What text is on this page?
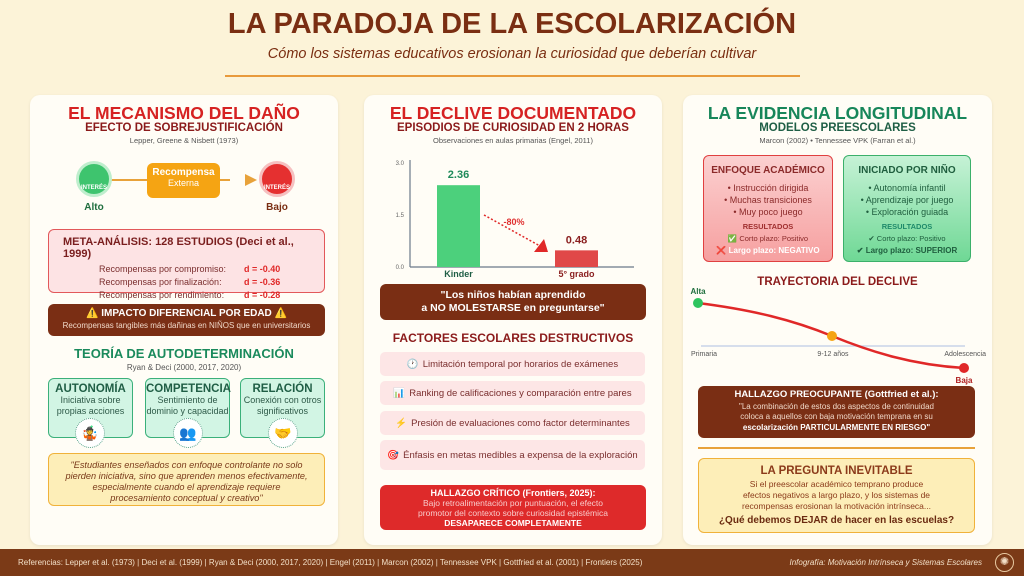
LA PARADOJA DE LA ESCOLARIZACIÓN
Cómo los sistemas educativos erosionan la curiosidad que deberían cultivar
EL MECANISMO DEL DAÑO
EFECTO DE SOBREJUSTIFICACIÓN
Lepper, Greene & Nisbett (1973)
INTERÉS
Alto
Recompensa
Externa	INTERÉS
Bajo
META-ANÁLISIS: 128 ESTUDIOS (Deci et al., 1999)
Recompensas por compromiso:	d = -0.40
Recompensas por finalización:	d = -0.36
Recompensas por rendimiento:	d = -0.28
⚠️ IMPACTO DIFERENCIAL POR EDAD ⚠️
Recompensas tangibles más dañinas en NIÑOS que en universitarios
TEORÍA DE AUTODETERMINACIÓN
Ryan & Deci (2000, 2017, 2020)
AUTONOMÍA
Iniciativa sobre propias acciones
COMPETENCIA
Sentimiento de dominio y capacidad
RELACIÓN
Conexión con otros significativos
🤹	👥	🤝
"Estudiantes enseñados con enfoque controlante no solo pierden iniciativa, sino que aprenden menos efectivamente, especialmente cuando el aprendizaje requiere procesamiento conceptual y creativo"
EL DECLIVE DOCUMENTADO
EPISODIOS DE CURIOSIDAD EN 2 HORAS
Observaciones en aulas primarias (Engel, 2011)
0.0
1.5
3.0
2.36
Kinder
0.48
5° grado
-80%
"Los niños habían aprendido
a NO MOLESTARSE en preguntarse"
FACTORES ESCOLARES DESTRUCTIVOS
🕐 Limitación temporal por horarios de exámenes
📊 Ranking de calificaciones y comparación entre pares
⚡ Presión de evaluaciones como factor determinantes
🎯 Énfasis en metas medibles a expensa de la exploración
HALLAZGO CRÍTICO (Frontiers, 2025):
Bajo retroalimentación por puntuación, el efecto
promotor del contexto sobre curiosidad epistémica
DESAPARECE COMPLETAMENTE
LA EVIDENCIA LONGITUDINAL
MODELOS PREESCOLARES
Marcon (2002) • Tennessee VPK (Farran et al.)
ENFOQUE ACADÉMICO
• Instrucción dirigida
• Muchas transiciones
• Muy poco juego
RESULTADOS
✅ Corto plazo: Positivo
❌ Largo plazo: NEGATIVO
INICIADO POR NIÑO
• Autonomía infantil
• Aprendizaje por juego
• Exploración guiada
RESULTADOS
✔ Corto plazo: Positivo
✔ Largo plazo: SUPERIOR
TRAYECTORIA DEL DECLIVE
Alta
Baja
Primaria	9-12 años	Adolescencia
HALLAZGO PREOCUPANTE (Gottfried et al.):
"La combinación de estos dos aspectos de continuidad
coloca a aquellos con baja motivación temprana en su
escolarización PARTICULARMENTE EN RIESGO"
LA PREGUNTA INEVITABLE
Si el preescolar académico temprano produce
efectos negativos a largo plazo, y los sistemas de
recompensas erosionan la motivación intrínseca...
¿Qué debemos DEJAR de hacer en las escuelas?
Referencias: Lepper et al. (1973) | Deci et al. (1999) | Ryan & Deci (2000, 2017, 2020) | Engel (2011) | Marcon (2002) | Tennessee VPK | Gottfried et al. (2001) | Frontiers (2025)	Infografía: Motivación Intrínseca y Sistemas Escolares	✺
